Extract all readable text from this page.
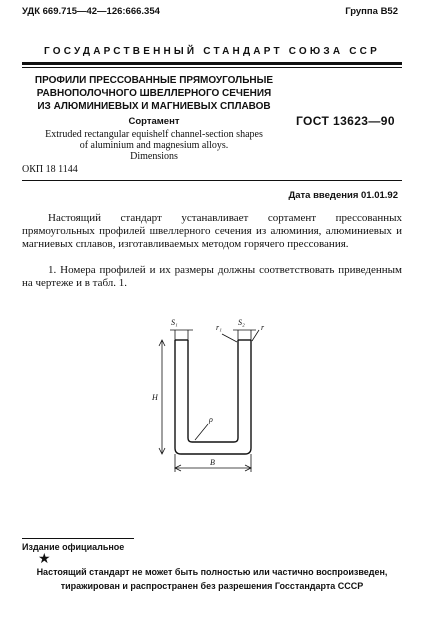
УДК 669.715—42—126:666.354	Группа В52
ГОСУДАРСТВЕННЫЙ СТАНДАРТ СОЮЗА ССР
ПРОФИЛИ ПРЕССОВАННЫЕ ПРЯМОУГОЛЬНЫЕ
РАВНОПОЛОЧНОГО ШВЕЛЛЕРНОГО СЕЧЕНИЯ
ИЗ АЛЮМИНИЕВЫХ И МАГНИЕВЫХ СПЛАВОВ
Сортамент	ГОСТ 13623—90
Extruded rectangular equishelf channel-section shapes
of aluminium and magnesium alloys.
Dimensions
ОКП 18 1144
Дата введения 01.01.92
Настоящий стандарт устанавливает сортамент прессованных прямоугольных профилей швеллерного сечения из алюминия, алюминиевых и магниевых сплавов, изготавливаемых методом горячего прессования.
1. Номера профилей и их размеры должны соответствовать приведенным на чертеже и в табл. 1.
S₁
r₁
S₂
r
H
ρ
B
Издание официальное
★
Настоящий стандарт не может быть полностью или частично воспроизведен,
тиражирован и распространен без разрешения Госстандарта СССР
